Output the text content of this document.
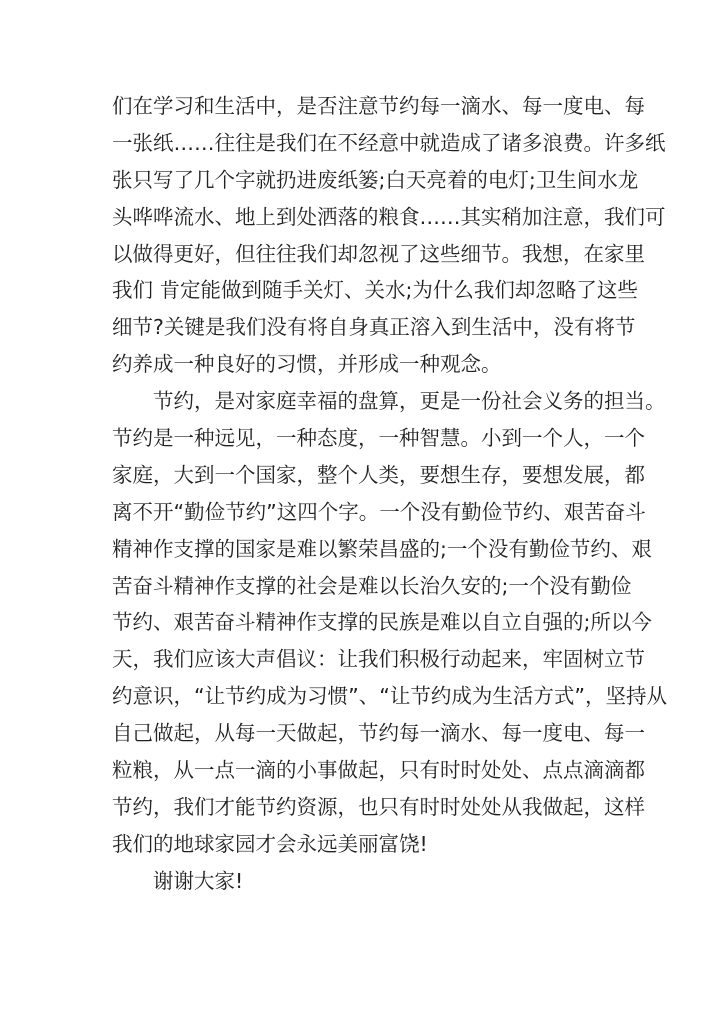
们在学习和生活中，是否注意节约每一滴水、每一度电、每
一张纸……往往是我们在不经意中就造成了诸多浪费。许多纸
张只写了几个字就扔进废纸篓;白天亮着的电灯;卫生间水龙
头哗哗流水、地上到处洒落的粮食……其实稍加注意，我们可
以做得更好，但往往我们却忽视了这些细节。我想，在家里
我们 肯定能做到随手关灯、关水;为什么我们却忽略了这些
细节?关键是我们没有将自身真正溶入到生活中，没有将节
约养成一种良好的习惯，并形成一种观念。
节约，是对家庭幸福的盘算，更是一份社会义务的担当。
节约是一种远见，一种态度，一种智慧。小到一个人，一个
家庭，大到一个国家，整个人类，要想生存，要想发展，都
离不开“勤俭节约”这四个字。一个没有勤俭节约、艰苦奋斗
精神作支撑的国家是难以繁荣昌盛的;一个没有勤俭节约、艰
苦奋斗精神作支撑的社会是难以长治久安的;一个没有勤俭
节约、艰苦奋斗精神作支撑的民族是难以自立自强的;所以今
天，我们应该大声倡议：让我们积极行动起来，牢固树立节
约意识，“让节约成为习惯”、“让节约成为生活方式”，坚持从
自己做起，从每一天做起，节约每一滴水、每一度电、每一
粒粮，从一点一滴的小事做起，只有时时处处、点点滴滴都
节约，我们才能节约资源，也只有时时处处从我做起，这样
我们的地球家园才会永远美丽富饶!
谢谢大家!
